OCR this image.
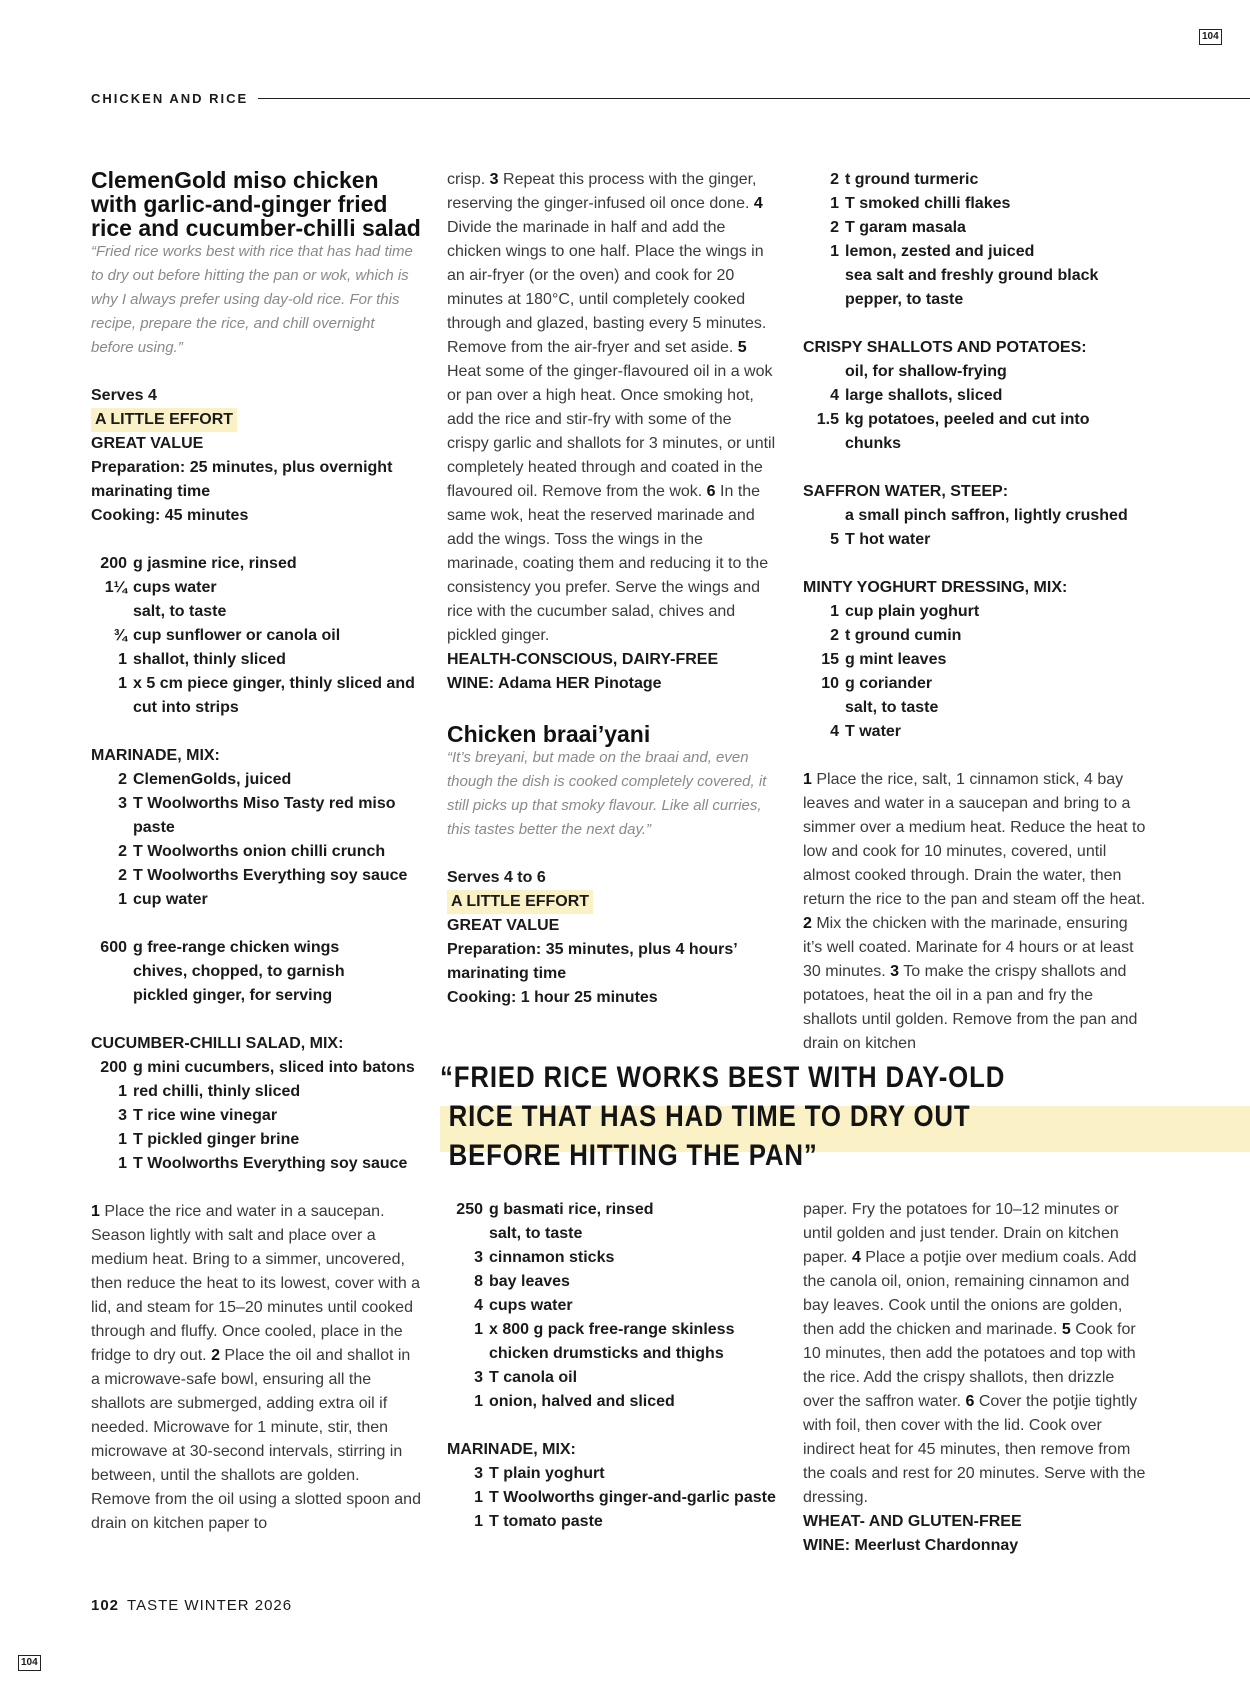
104
CHICKEN AND RICE
ClemenGold miso chicken with garlic-and-ginger fried rice and cucumber-chilli salad

“Fried rice works best with rice that has had time to dry out before hitting the pan or wok, which is why I always prefer using day-old rice. For this recipe, prepare the rice, and chill overnight before using.”

Serves 4

A LITTLE EFFORT

GREAT VALUE

Preparation: 25 minutes, plus overnight marinating time

Cooking: 45 minutes

200 g jasmine rice, rinsed
1¼ cups water
salt, to taste
¾ cup sunflower or canola oil
1 shallot, thinly sliced
1 x 5 cm piece ginger, thinly sliced and cut into strips

MARINADE, MIX:

2 ClemenGolds, juiced
3 T Woolworths Miso Tasty red miso paste
2 T Woolworths onion chilli crunch
2 T Woolworths Everything soy sauce
1 cup water
600 g free-range chicken wings
chives, chopped, to garnish
pickled ginger, for serving

CUCUMBER-CHILLI SALAD, MIX:

200 g mini cucumbers, sliced into batons
1 red chilli, thinly sliced
3 T rice wine vinegar
1 T pickled ginger brine
1 T Woolworths Everything soy sauce

1 Place the rice and water in a saucepan. Season lightly with salt and place over a medium heat. Bring to a simmer, uncovered, then reduce the heat to its lowest, cover with a lid, and steam for 15–20 minutes until cooked through and fluffy. Once cooled, place in the fridge to dry out. 2 Place the oil and shallot in a microwave-safe bowl, ensuring all the shallots are submerged, adding extra oil if needed. Microwave for 1 minute, stir, then microwave at 30-second intervals, stirring in between, until the shallots are golden. Remove from the oil using a slotted spoon and drain on kitchen paper to

crisp. 3 Repeat this process with the ginger, reserving the ginger-infused oil once done. 4 Divide the marinade in half and add the chicken wings to one half. Place the wings in an air-fryer (or the oven) and cook for 20 minutes at 180°C, until completely cooked through and glazed, basting every 5 minutes. Remove from the air-fryer and set aside. 5 Heat some of the ginger-flavoured oil in a wok or pan over a high heat. Once smoking hot, add the rice and stir-fry with some of the crispy garlic and shallots for 3 minutes, or until completely heated through and coated in the flavoured oil. Remove from the wok. 6 In the same wok, heat the reserved marinade and add the wings. Toss the wings in the marinade, coating them and reducing it to the consistency you prefer. Serve the wings and rice with the cucumber salad, chives and pickled ginger.

HEALTH-CONSCIOUS, DAIRY-FREE

WINE: Adama HER Pinotage

Chicken braai’yani

“It’s breyani, but made on the braai and, even though the dish is cooked completely covered, it still picks up that smoky flavour. Like all curries, this tastes better the next day.”

Serves 4 to 6

A LITTLE EFFORT

GREAT VALUE

Preparation: 35 minutes, plus 4 hours’ marinating time

Cooking: 1 hour 25 minutes

250 g basmati rice, rinsed
salt, to taste
3 cinnamon sticks
8 bay leaves
4 cups water
1 x 800 g pack free-range skinless chicken drumsticks and thighs
3 T canola oil
1 onion, halved and sliced

MARINADE, MIX:

3 T plain yoghurt
1 T Woolworths ginger-and-garlic paste
1 T tomato paste
2 t ground turmeric
1 T smoked chilli flakes
2 T garam masala
1 lemon, zested and juiced
sea salt and freshly ground black pepper, to taste

CRISPY SHALLOTS AND POTATOES:

oil, for shallow-frying
4 large shallots, sliced
1.5 kg potatoes, peeled and cut into chunks

SAFFRON WATER, STEEP:

a small pinch saffron, lightly crushed
5 T hot water

MINTY YOGHURT DRESSING, MIX:

1 cup plain yoghurt
2 t ground cumin
15 g mint leaves
10 g coriander
salt, to taste
4 T water

1 Place the rice, salt, 1 cinnamon stick, 4 bay leaves and water in a saucepan and bring to a simmer over a medium heat. Reduce the heat to low and cook for 10 minutes, covered, until almost cooked through. Drain the water, then return the rice to the pan and steam off the heat. 2 Mix the chicken with the marinade, ensuring it’s well coated. Marinate for 4 hours or at least 30 minutes. 3 To make the crispy shallots and potatoes, heat the oil in a pan and fry the shallots until golden. Remove from the pan and drain on kitchen

paper. Fry the potatoes for 10–12 minutes or until golden and just tender. Drain on kitchen paper. 4 Place a potjie over medium coals. Add the canola oil, onion, remaining cinnamon and bay leaves. Cook until the onions are golden, then add the chicken and marinade. 5 Cook for 10 minutes, then add the potatoes and top with the rice. Add the crispy shallots, then drizzle over the saffron water. 6 Cover the potjie tightly with foil, then cover with the lid. Cook over indirect heat for 45 minutes, then remove from the coals and rest for 20 minutes. Serve with the dressing.

WHEAT- AND GLUTEN-FREE

WINE: Meerlust Chardonnay

“FRIED RICE WORKS BEST WITH DAY-OLD
RICE THAT HAS HAD TIME TO DRY OUT
BEFORE HITTING THE PAN”
102 TASTE WINTER 2026
104
